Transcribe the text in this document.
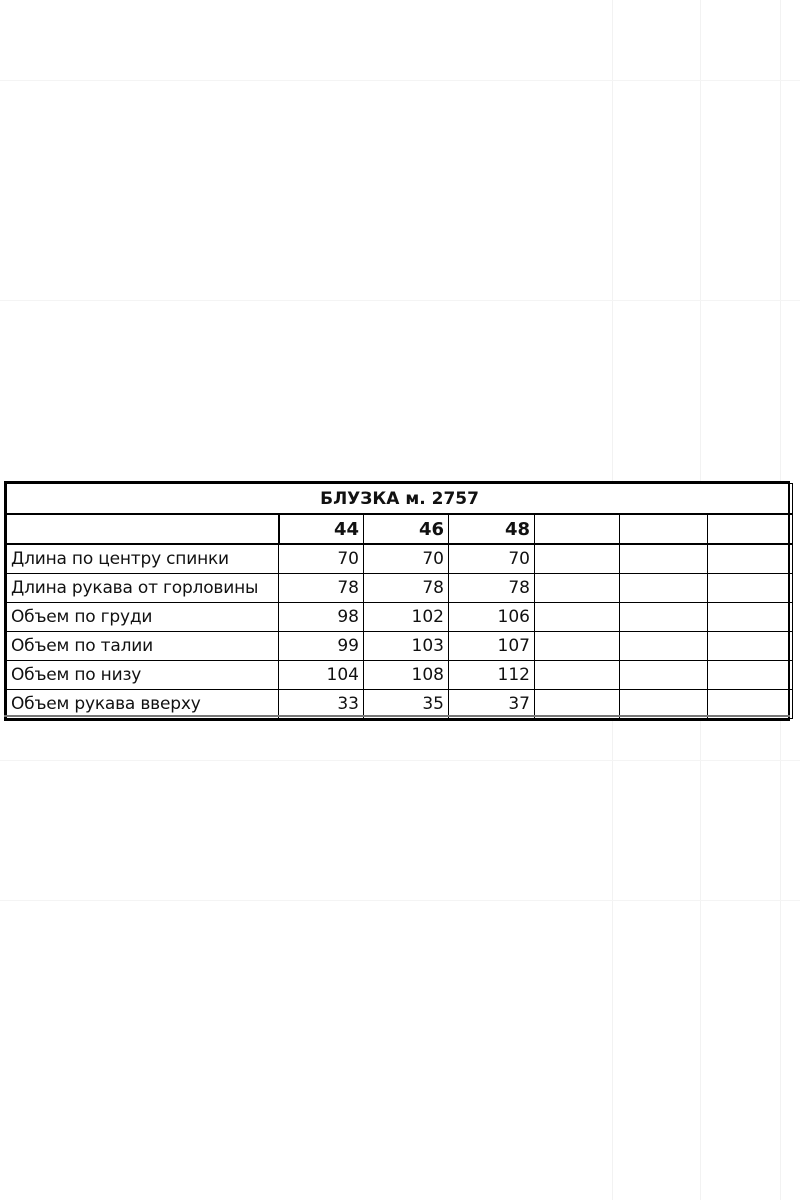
БЛУЗКА м. 2757						
	44	46	48			
Длина по центру спинки	70	70	70			
Длина рукава от горловины	78	78	78			
Объем по груди	98	102	106			
Объем по талии	99	103	107			
Объем по низу	104	108	112			
Объем рукава вверху	33	35	37			
